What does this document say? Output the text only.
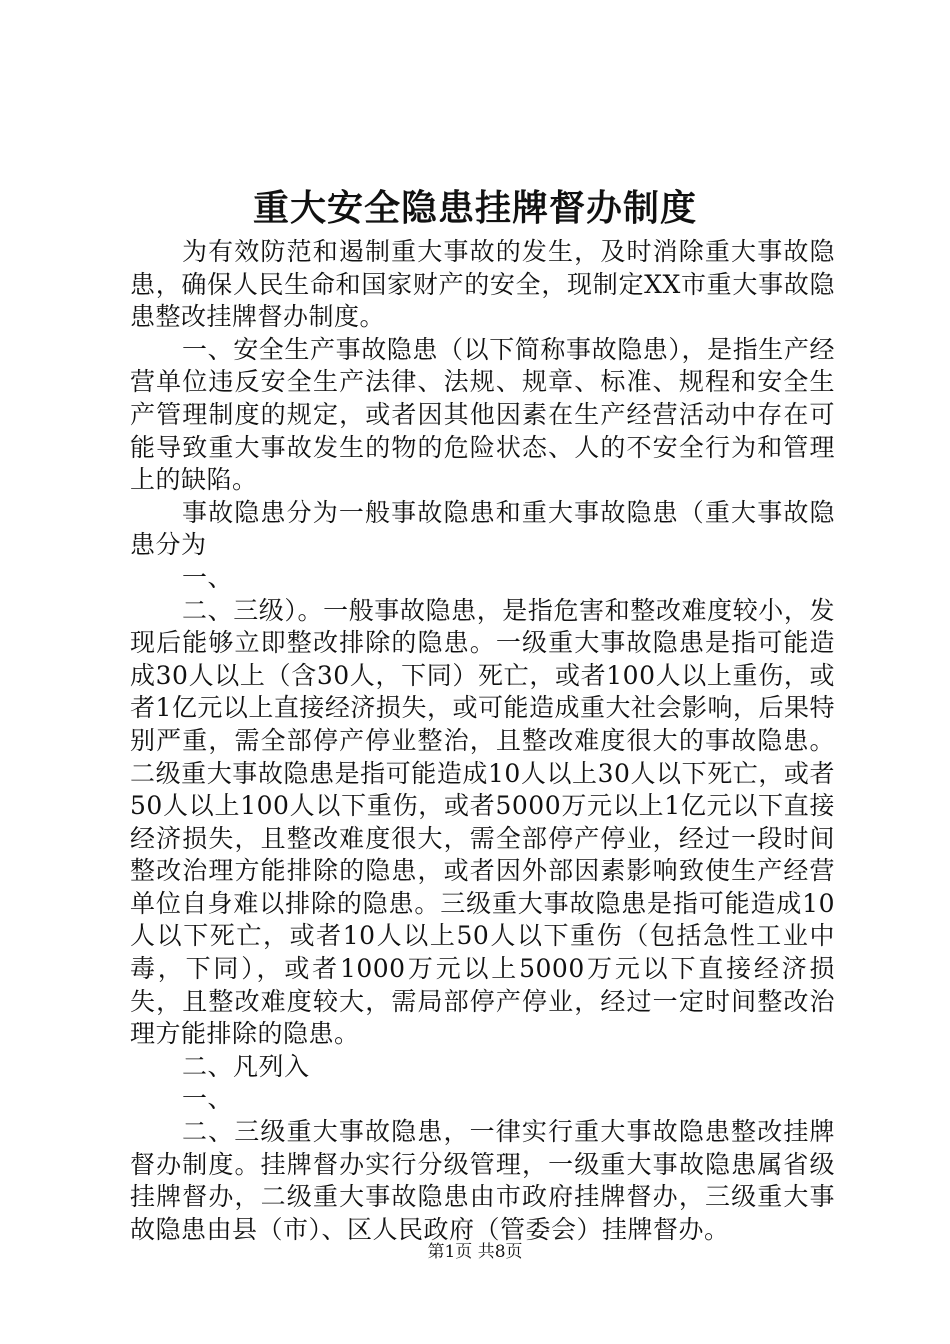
重大安全隐患挂牌督办制度

为有效防范和遏制重大事故的发生，及时消除重大事故隐患，确保人民生命和国家财产的安全，现制定XX市重大事故隐患整改挂牌督办制度。

一、安全生产事故隐患（以下简称事故隐患），是指生产经营单位违反安全生产法律、法规、规章、标准、规程和安全生产管理制度的规定，或者因其他因素在生产经营活动中存在可能导致重大事故发生的物的危险状态、人的不安全行为和管理上的缺陷。

事故隐患分为一般事故隐患和重大事故隐患（重大事故隐患分为

一、

二、三级）。一般事故隐患，是指危害和整改难度较小，发现后能够立即整改排除的隐患。一级重大事故隐患是指可能造成30人以上（含30人，下同）死亡，或者100人以上重伤，或者1亿元以上直接经济损失，或可能造成重大社会影响，后果特别严重，需全部停产停业整治，且整改难度很大的事故隐患。二级重大事故隐患是指可能造成10人以上30人以下死亡，或者50人以上100人以下重伤，或者5000万元以上1亿元以下直接经济损失，且整改难度很大，需全部停产停业，经过一段时间整改治理方能排除的隐患，或者因外部因素影响致使生产经营单位自身难以排除的隐患。三级重大事故隐患是指可能造成10人以下死亡，或者10人以上50人以下重伤（包括急性工业中毒，下同），或者1000万元以上5000万元以下直接经济损失，且整改难度较大，需局部停产停业，经过一定时间整改治理方能排除的隐患。

二、凡列入

一、

二、三级重大事故隐患，一律实行重大事故隐患整改挂牌督办制度。挂牌督办实行分级管理，一级重大事故隐患属省级挂牌督办，二级重大事故隐患由市政府挂牌督办，三级重大事故隐患由县（市）、区人民政府（管委会）挂牌督办。

第1页 共8页
